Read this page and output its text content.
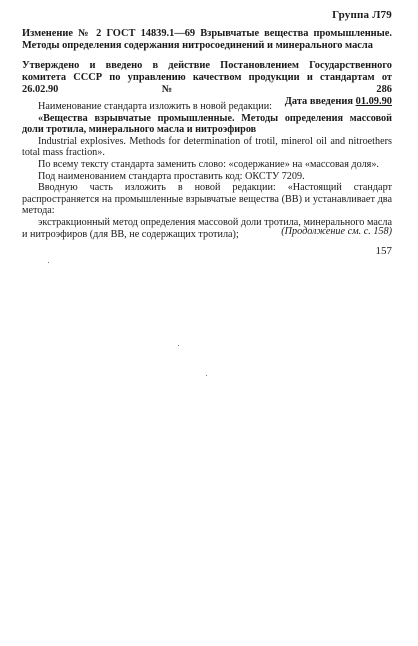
Группа Л79
Изменение № 2 ГОСТ 14839.1—69 Взрывчатые вещества промышленные. Методы определения содержания нитросоединений и минерального масла

Утверждено и введено в действие Постановлением Государственного комитета СССР по управлению качеством продукции и стандартам от 26.02.90 № 286

Дата введения 01.09.90

Наименование стандарта изложить в новой редакции:

«Вещества взрывчатые промышленные. Методы определения массовой доли тротила, минерального масла и нитроэфиров

Industrial explosives. Methods for determination of trotil, minerol oil and nitroethers total mass fraction».

По всему тексту стандарта заменить слово: «содержание» на «массовая доля».

Под наименованием стандарта проставить код: ОКСТУ 7209.

Вводную часть изложить в новой редакции: «Настоящий стандарт распространяется на промышленные взрывчатые вещества (ВВ) и устанавливает два метода:

экстракционный метод определения массовой доли тротила, минерального масла и нитроэфиров (для ВВ, не содержащих тротила);	(Продолжение см. с. 158)
157
